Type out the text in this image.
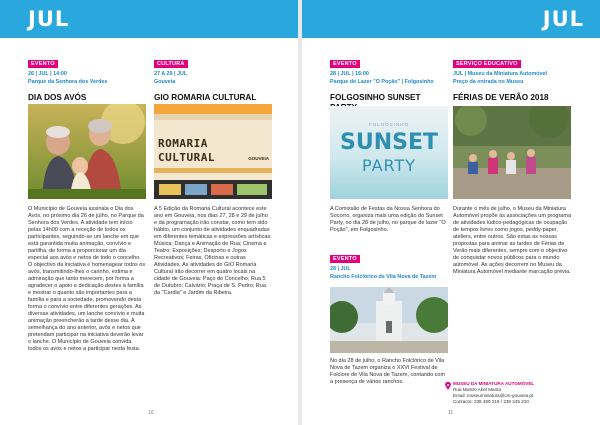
JUL	JUL
EVENTO
26 | JUL | 14:00
Parque da Senhora dos Verdes
DIA DOS AVÓS
O Município de Gouveia assinala o Dia dos Avós, no próximo dia 26 de julho, no Parque da Senhora dos Verdes. A atividade tem início pelas 14h00 com a receção de todos os participantes, seguindo-se um lanche em que está garantida muita animação, convívio e partilha, de forma a proporcionar um dia especial aos avós e netos de todo o concelho. O objectivo da iniciativa é homenagear todos os avós, transmitindo-lhes o carinho, estima e admiração que tanto merecem, por forma a agradecer o apoio e dedicação destes à família e mostrar o quanto são importantes para a família e para a sociedade, promovendo desta forma o convívio entre diferentes gerações. As diversas atividades, um lanche convívio e muita animação preencherão a tarde desse dia. À semelhança do ano anterior, avós e netos que pretendam participar na iniciativa deverão levar o lanche. O Município de Gouveia convida todos os avós e netos a participar nesta festa.
CULTURA
27 A 29 | JUL
Gouveia
GIO ROMARIA CULTURAL
ROMARIA
CULTURAL	GOUVEIA
A 5 Edição da Romaria Cultural acontece este ano em Gouveia, nos dias 27, 28 e 29 de julho e da programação irão constar, como tem sido hábito, um conjunto de atividades enquadradas em diferentes temáticas e expressões artísticas: Música; Dança e Animação de Rua; Cinema e Teatro; Exposições; Desporto e Jogos Recreativos; Feiras, Oficinas e outras Atividades. As atividades do GIO Romaria Cultural irão decorrer em quatro locais na cidade de Gouveia: Paço do Concelho; Rua 5 de Outubro; Calvário; Praça de S. Pedro; Rua da "Cardia" e Jardim da Ribeira.
EVENTO
28 | JUL | 16:00
Parque de Lazer "O Poção" | Folgosinho
FOLGOSINHO SUNSET
FOLGOSINHO
SUNSET
PARTY
A Comissão de Festas da Nossa Senhora do Socorro, organiza mais uma edição do Sunset Party, no dia 28 de julho, no parque de lazer "O Poção", em Folgosinho.
EVENTO
28 | JUL
Rancho Folclórico de Vila Nova de Tazem
No dia 28 de julho, o Rancho Folclórico de Vila Nova de Tazem organiza o XXVI Festival de Folclore de Vila Nova de Tazem, contando com a presença de vários ranchos.
SERVIÇO EDUCATIVO
JUL | Museu da Miniatura Automóvel
Preço da entrada no Museu
FÉRIAS DE VERÃO 2018
Durante o mês de julho, o Museu da Miniatura Automóvel propõe às associações um programa de atividades lúdico-pedagógicas de ocupação de tempos livres como jogos, peddy-paper, ateliers, entre outros. São estas as nossas propostas para animar as tardes de Férias de Verão mais diferentes, sempre com o objectivo de conquistar novos públicos para o mundo automóvel. As ações decorrem no Museu da Miniatura Automóvel mediante marcação prévia.
MUSEU DA MINIATURA AUTOMÓVEL
Rua Mestre Abel Manta
Email: museuminiatura@cm-gouveia.pt
Contacto: 238 490 219 / 238 245 210
10	11
